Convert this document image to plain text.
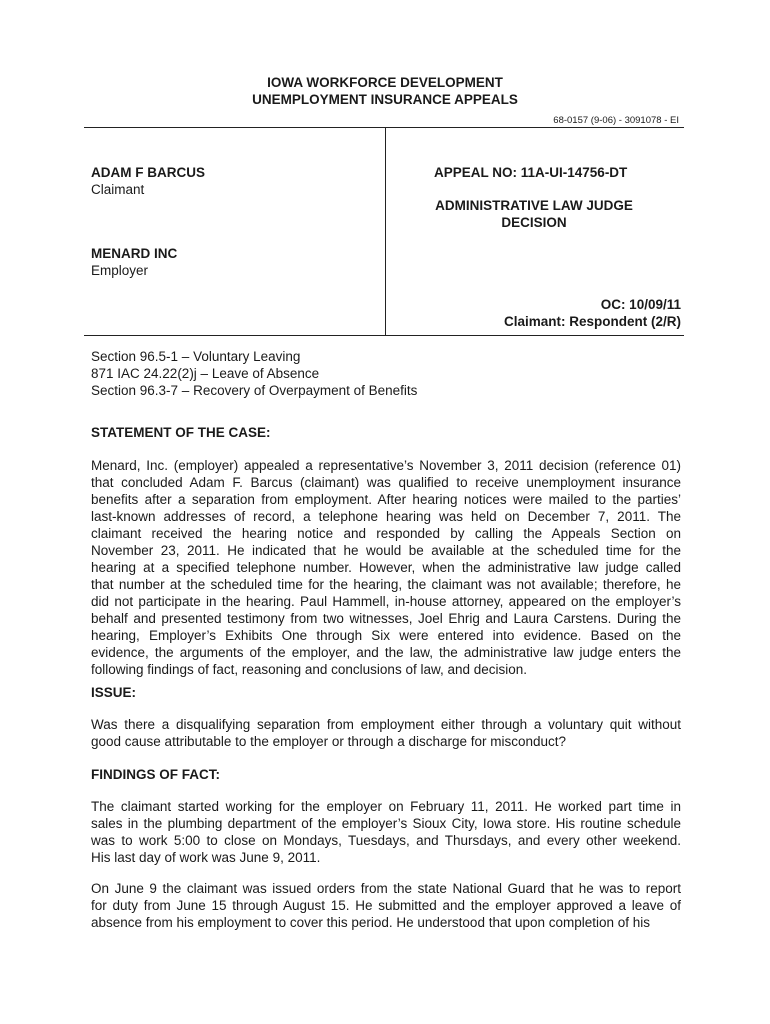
IOWA WORKFORCE DEVELOPMENT
UNEMPLOYMENT INSURANCE APPEALS
68-0157 (9-06) - 3091078 - EI
ADAM F BARCUS
Claimant
MENARD INC
Employer
APPEAL NO: 11A-UI-14756-DT
ADMINISTRATIVE LAW JUDGE
DECISION
OC: 10/09/11
Claimant: Respondent (2/R)
Section 96.5-1 – Voluntary Leaving
871 IAC 24.22(2)j – Leave of Absence
Section 96.3-7 – Recovery of Overpayment of Benefits
STATEMENT OF THE CASE:
Menard, Inc. (employer) appealed a representative’s November 3, 2011 decision (reference 01)
that concluded Adam F. Barcus (claimant) was qualified to receive unemployment insurance
benefits after a separation from employment. After hearing notices were mailed to the parties’
last-known addresses of record, a telephone hearing was held on December 7, 2011. The
claimant received the hearing notice and responded by calling the Appeals Section on
November 23, 2011. He indicated that he would be available at the scheduled time for the
hearing at a specified telephone number. However, when the administrative law judge called
that number at the scheduled time for the hearing, the claimant was not available; therefore, he
did not participate in the hearing. Paul Hammell, in-house attorney, appeared on the employer’s
behalf and presented testimony from two witnesses, Joel Ehrig and Laura Carstens. During the
hearing, Employer’s Exhibits One through Six were entered into evidence. Based on the
evidence, the arguments of the employer, and the law, the administrative law judge enters the
following findings of fact, reasoning and conclusions of law, and decision.
ISSUE:
Was there a disqualifying separation from employment either through a voluntary quit without
good cause attributable to the employer or through a discharge for misconduct?
FINDINGS OF FACT:
The claimant started working for the employer on February 11, 2011. He worked part time in
sales in the plumbing department of the employer’s Sioux City, Iowa store. His routine schedule
was to work 5:00 to close on Mondays, Tuesdays, and Thursdays, and every other weekend.
His last day of work was June 9, 2011.
On June 9 the claimant was issued orders from the state National Guard that he was to report
for duty from June 15 through August 15. He submitted and the employer approved a leave of
absence from his employment to cover this period. He understood that upon completion of his
